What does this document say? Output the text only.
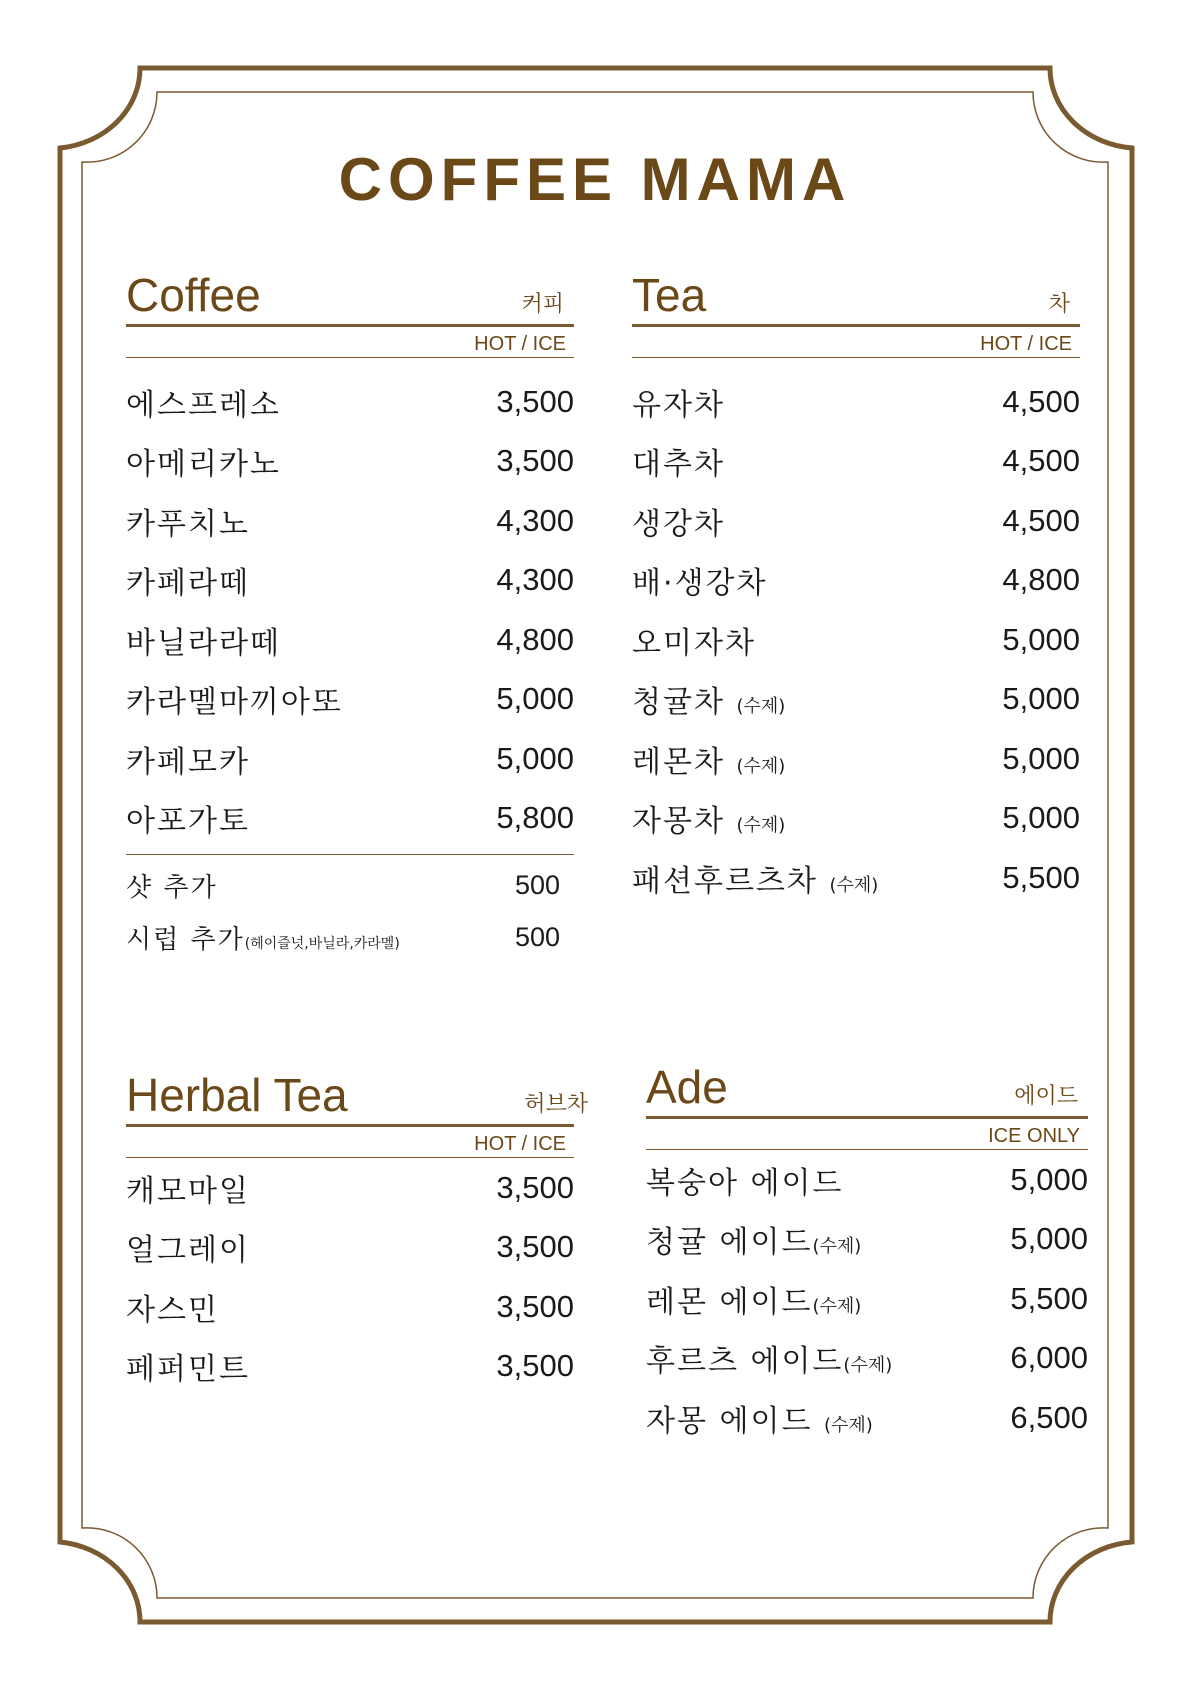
COFFEE MAMA
Coffee	커피
HOT / ICE
에스프레소	3,500
아메리카노	3,500
카푸치노	4,300
카페라떼	4,300
바닐라라떼	4,800
카라멜마끼아또	5,000
카페모카	5,000
아포가토	5,800
샷 추가	500
시럽 추가(헤이즐넛,바닐라,카라멜)	500
Tea	차
HOT / ICE
유자차	4,500
대추차	4,500
생강차	4,500
배·생강차	4,800
오미자차	5,000
청귤차 (수제)	5,000
레몬차 (수제)	5,000
자몽차 (수제)	5,000
패션후르츠차 (수제)	5,500
Herbal Tea	허브차
HOT / ICE
캐모마일	3,500
얼그레이	3,500
자스민	3,500
페퍼민트	3,500
Ade	에이드
ICE ONLY
복숭아 에이드	5,000
청귤 에이드(수제)	5,000
레몬 에이드(수제)	5,500
후르츠 에이드(수제)	6,000
자몽 에이드 (수제)	6,500
